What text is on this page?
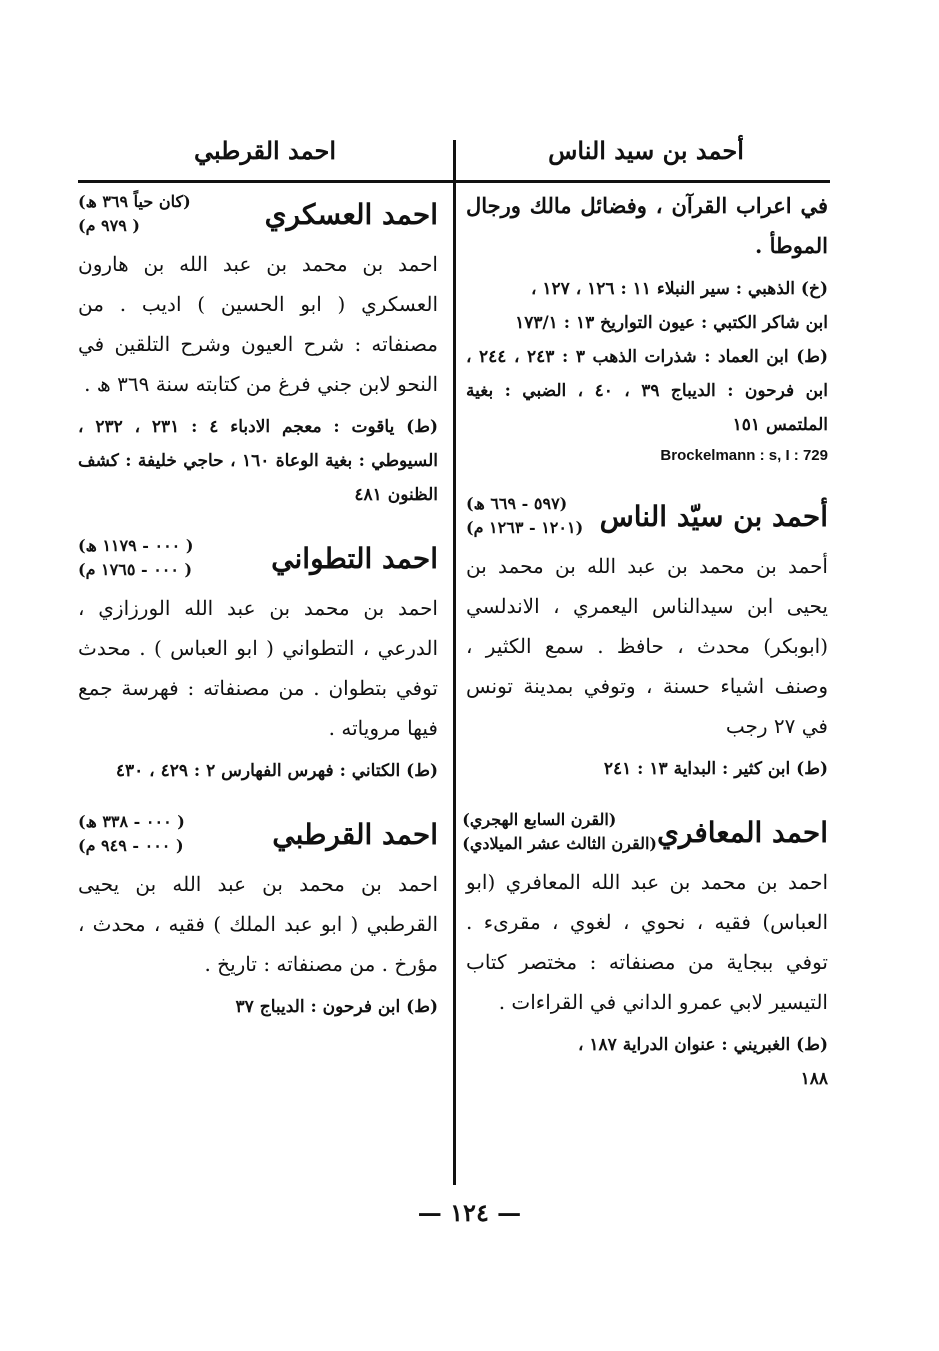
احمد القرطبي	أحمد بن سيد الناس

في اعراب القرآن ، وفضائل مالك ورجال الموطأ .

(خ) الذهبي : سير النبلاء ١١ : ١٢٦ ، ١٢٧ ،

ابن شاكر الكتبي : عيون التواريخ ١٣ : ١٧٣/١

(ط) ابن العماد : شذرات الذهب ٣ : ٢٤٣ ، ٢٤٤ ، ابن فرحون : الديباج ٣٩ ، ٤٠ ، الضبي : بغية الملتمس ١٥١

Brockelmann : s, I : 729

أحمد بن سيّد الناس
(٥٩٧ - ٦٦٩ ھ)
(١٢٠١ - ١٢٦٣ م)

أحمد بن محمد بن عبد الله بن محمد بن يحيى ابن سيدالناس اليعمري ، الاندلسي (ابوبكر) محدث ، حافظ . سمع الكثير ، وصنف اشياء حسنة ، وتوفي بمدينة تونس في ٢٧ رجب

(ط) ابن كثير : البداية ١٣ : ٢٤١

احمد المعافري
(القرن السابع الهجري)
(القرن الثالث عشر الميلادي)

احمد بن محمد بن عبد الله المعافري (ابو العباس) فقيه ، نحوي ، لغوي ، مقرىء . توفي ببجاية من مصنفاته : مختصر كتاب التيسير لابي عمرو الداني في القراءات .

(ط) الغبريني : عنوان الدراية ١٨٧ ،

١٨٨

احمد العسكري
(كان حياً ٣٦٩ ھ)
( ٩٧٩ م)

احمد بن محمد بن عبد الله بن هارون العسكري ( ابو الحسين ) اديب . من مصنفاته : شرح العيون وشرح التلقين في النحو لابن جني فرغ من كتابته سنة ٣٦٩ ھ .

(ط) ياقوت : معجم الادباء ٤ : ٢٣١ ، ٢٣٢ ، السيوطي : بغية الوعاة ١٦٠ ، حاجي خليفة : كشف الظنون ٤٨١

احمد التطواني
( ٠٠٠ - ١١٧٩ ھ)
( ٠٠٠ - ١٧٦٥ م)

احمد بن محمد بن عبد الله الورزازي ، الدرعي ، التطواني ( ابو العباس ) . محدث توفي بتطوان . من مصنفاته : فهرسة جمع فيها مروياته .

(ط) الكتاني : فهرس الفهارس ٢ : ٤٢٩ ، ٤٣٠

احمد القرطبي
( ٠٠٠ - ٣٣٨ ھ)
( ٠٠٠ - ٩٤٩ م)

احمد بن محمد بن عبد الله بن يحيى القرطبي ( ابو عبد الملك ) فقيه ، محدث ، مؤرخ . من مصنفاته : تاريخ .

(ط) ابن فرحون : الديباج ٣٧

— ١٢٤ —
